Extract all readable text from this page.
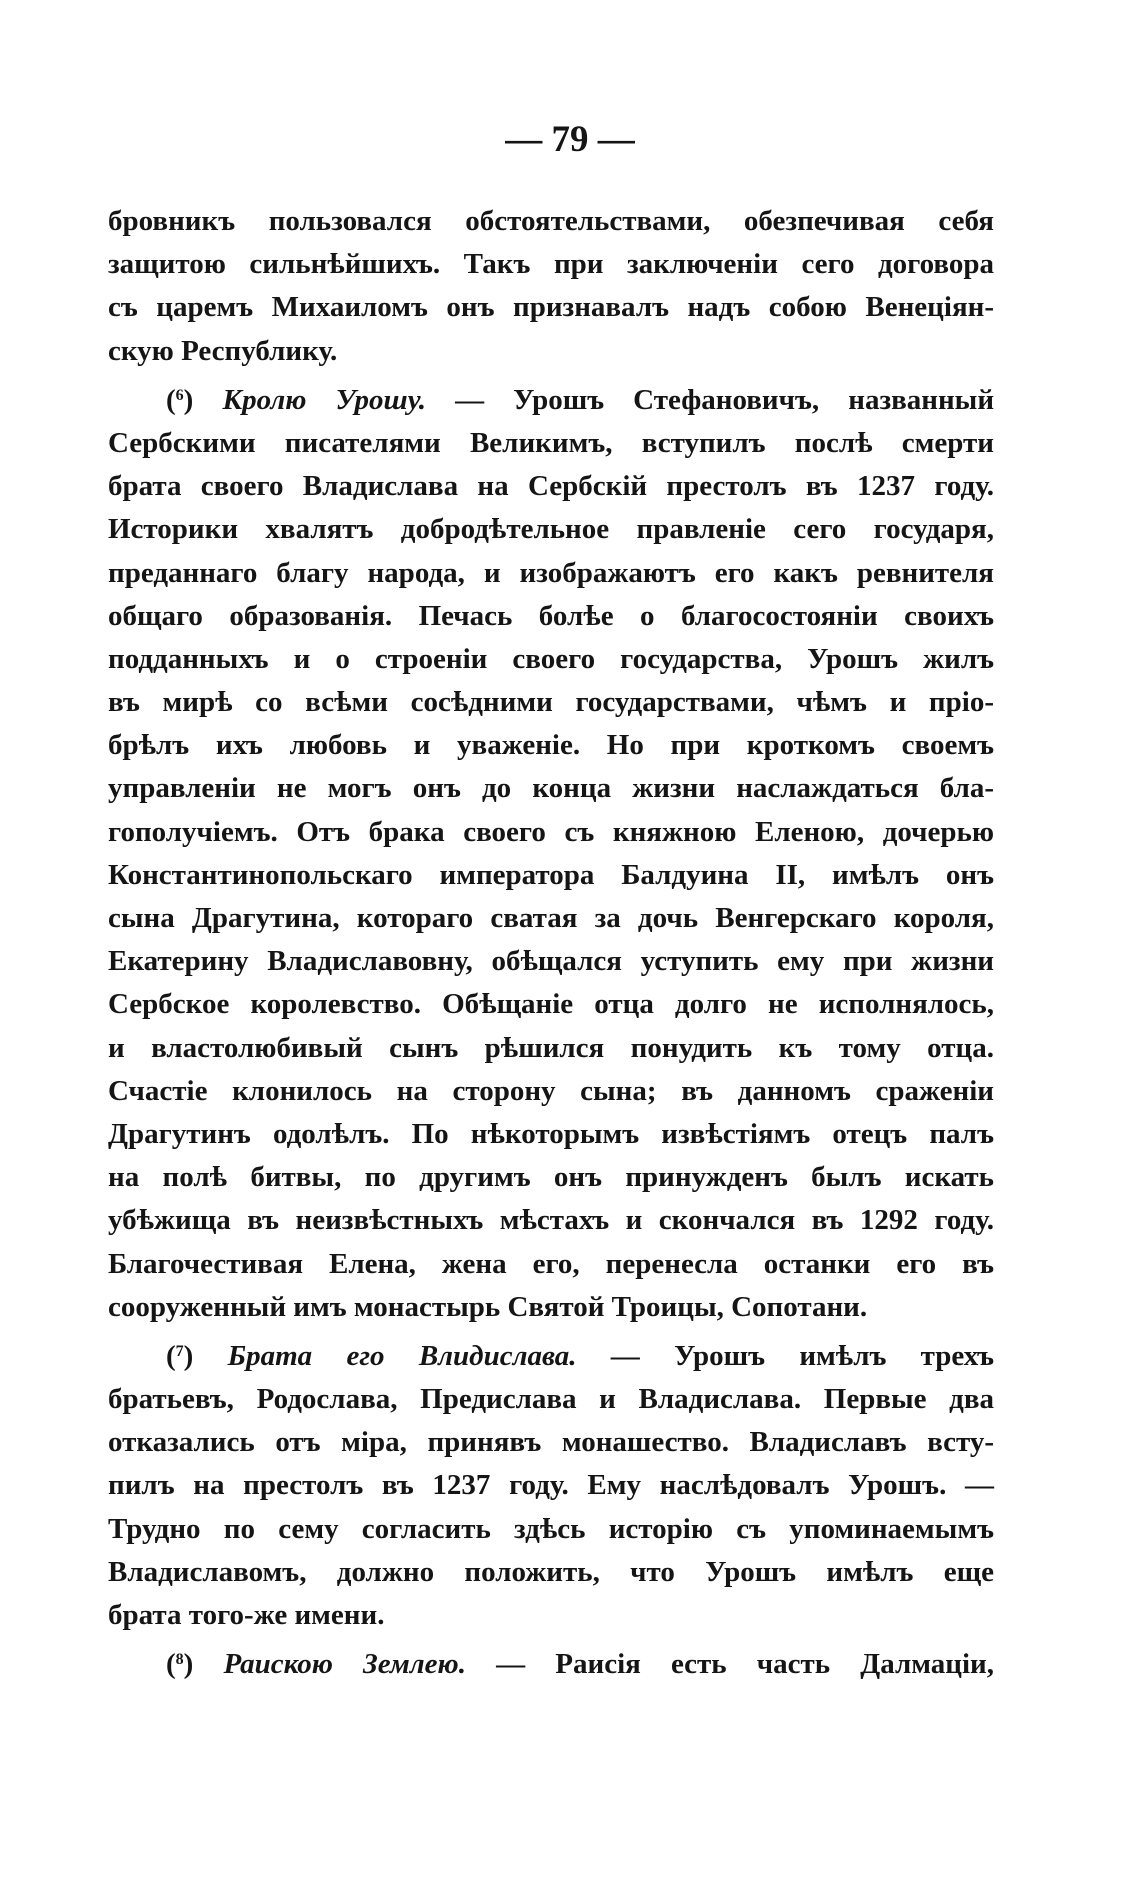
— 79 —
бровникъ пользовался обстоятельствами, обезпечивая себя
защитою сильнѣйшихъ. Такъ при заключеніи сего договора
съ царемъ Михаиломъ онъ признавалъ надъ собою Венеціян-
скую Республику.
($^6$) Кролю Урошу. — Урошъ Стефановичъ, названный
Сербскими писателями Великимъ, вступилъ послѣ смерти
брата своего Владислава на Сербскій престолъ въ 1237 году.
Историки хвалятъ добродѣтельное правленіе сего государя,
преданнаго благу народа, и изображаютъ его какъ ревнителя
общаго образованія. Печась болѣе о благосостояніи своихъ
подданныхъ и о строеніи своего государства, Урошъ жилъ
въ мирѣ со всѣми сосѣдними государствами, чѣмъ и пріо-
брѣлъ ихъ любовь и уваженіе. Но при кроткомъ своемъ
управленіи не могъ онъ до конца жизни наслаждаться бла-
гополучіемъ. Отъ брака своего съ княжною Еленою, дочерью
Константинопольскаго императора Балдуина II, имѣлъ онъ
сына Драгутина, котораго сватая за дочь Венгерскаго короля,
Екатерину Владиславовну, обѣщался уступить ему при жизни
Сербское королевство. Обѣщаніе отца долго не исполнялось,
и властолюбивый сынъ рѣшился понудить къ тому отца.
Счастіе клонилось на сторону сына; въ данномъ сраженіи
Драгутинъ одолѣлъ. По нѣкоторымъ извѣстіямъ отецъ палъ
на полѣ битвы, по другимъ онъ принужденъ былъ искать
убѣжища въ неизвѣстныхъ мѣстахъ и скончался въ 1292 году.
Благочестивая Елена, жена его, перенесла останки его въ
сооруженный имъ монастырь Святой Троицы, Сопотани.
($^7$) Брата его Влидислава. — Урошъ имѣлъ трехъ
братьевъ, Родослава, Предислава и Владислава. Первые два
отказались отъ міра, принявъ монашество. Владиславъ всту-
пилъ на престолъ въ 1237 году. Ему наслѣдовалъ Урошъ. —
Трудно по сему согласить здѣсь исторію съ упоминаемымъ
Владиславомъ, должно положить, что Урошъ имѣлъ еще
брата того-же имени.
($^8$) Раискою Землею. — Раисія есть часть Далмаціи,
